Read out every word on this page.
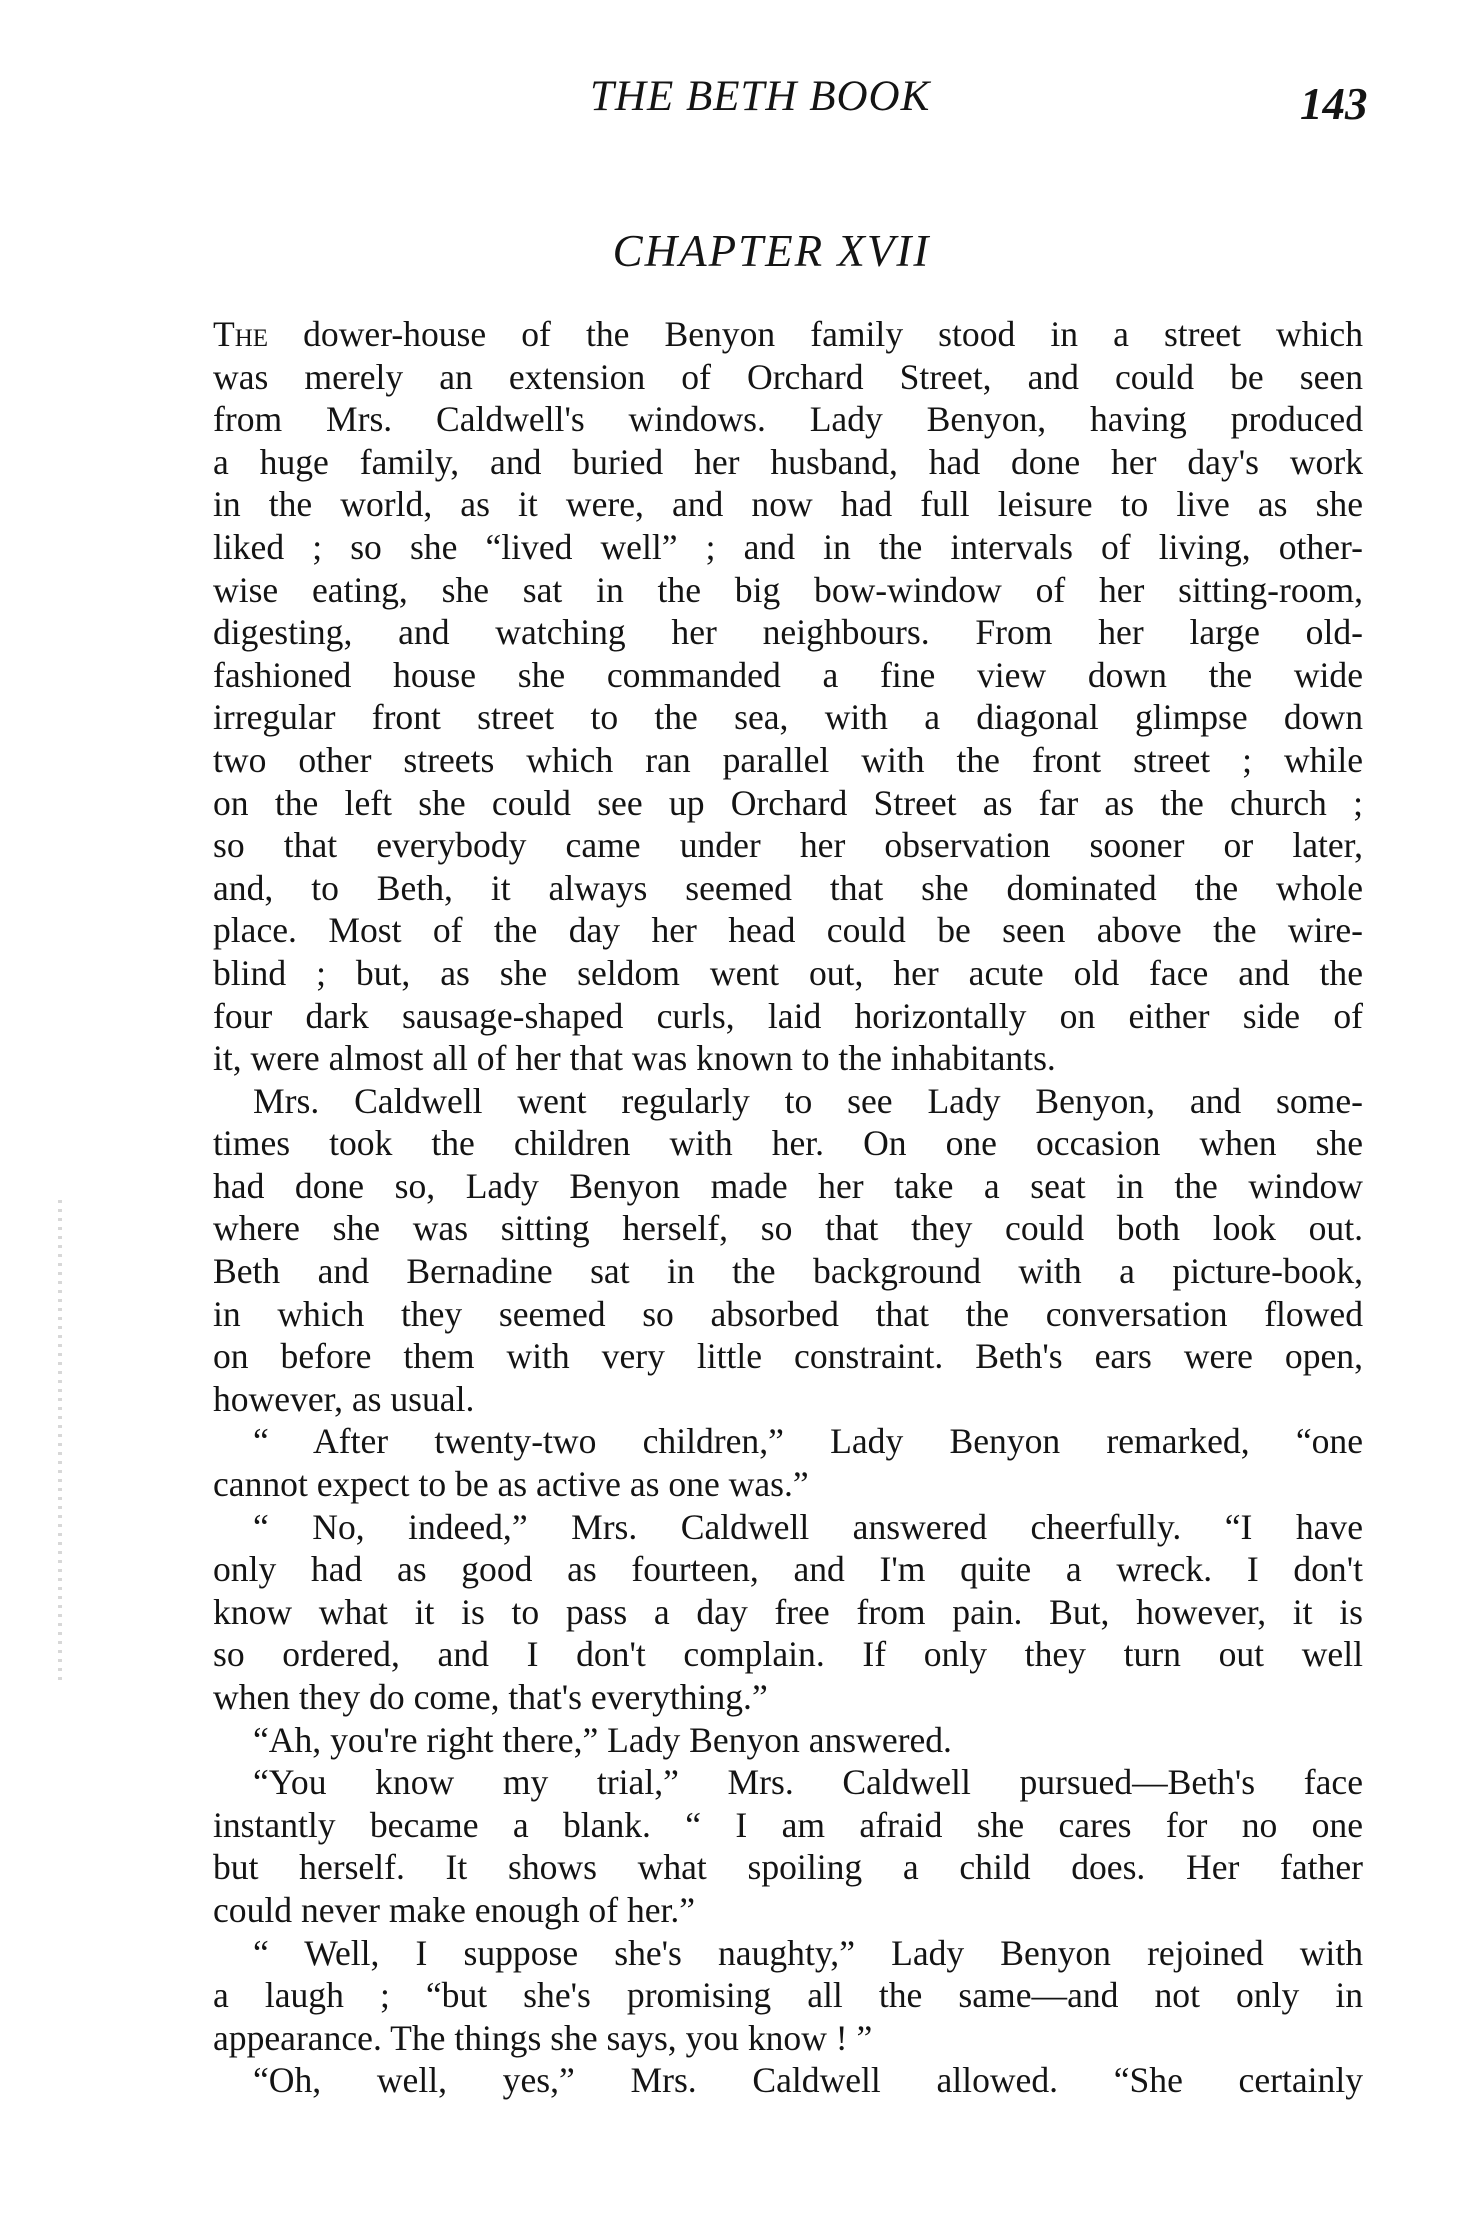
THE BETH BOOK	143
CHAPTER XVII
The dower-house of the Benyon family stood in a street which
was merely an extension of Orchard Street, and could be seen
from Mrs. Caldwell's windows. Lady Benyon, having produced
a huge family, and buried her husband, had done her day's work
in the world, as it were, and now had full leisure to live as she
liked ; so she “lived well” ; and in the intervals of living, other-
wise eating, she sat in the big bow-window of her sitting-room,
digesting, and watching her neighbours. From her large old-
fashioned house she commanded a fine view down the wide
irregular front street to the sea, with a diagonal glimpse down
two other streets which ran parallel with the front street ; while
on the left she could see up Orchard Street as far as the church ;
so that everybody came under her observation sooner or later,
and, to Beth, it always seemed that she dominated the whole
place. Most of the day her head could be seen above the wire-
blind ; but, as she seldom went out, her acute old face and the
four dark sausage-shaped curls, laid horizontally on either side of
it, were almost all of her that was known to the inhabitants.
Mrs. Caldwell went regularly to see Lady Benyon, and some-
times took the children with her. On one occasion when she
had done so, Lady Benyon made her take a seat in the window
where she was sitting herself, so that they could both look out.
Beth and Bernadine sat in the background with a picture-book,
in which they seemed so absorbed that the conversation flowed
on before them with very little constraint. Beth's ears were open,
however, as usual.
“ After twenty-two children,” Lady Benyon remarked, “one
cannot expect to be as active as one was.”
“ No, indeed,” Mrs. Caldwell answered cheerfully. “I have
only had as good as fourteen, and I'm quite a wreck. I don't
know what it is to pass a day free from pain. But, however, it is
so ordered, and I don't complain. If only they turn out well
when they do come, that's everything.”
“Ah, you're right there,” Lady Benyon answered.
“You know my trial,” Mrs. Caldwell pursued—Beth's face
instantly became a blank. “ I am afraid she cares for no one
but herself. It shows what spoiling a child does. Her father
could never make enough of her.”
“ Well, I suppose she's naughty,” Lady Benyon rejoined with
a laugh ; “but she's promising all the same—and not only in
appearance. The things she says, you know ! ”
“Oh, well, yes,” Mrs. Caldwell allowed. “She certainly
